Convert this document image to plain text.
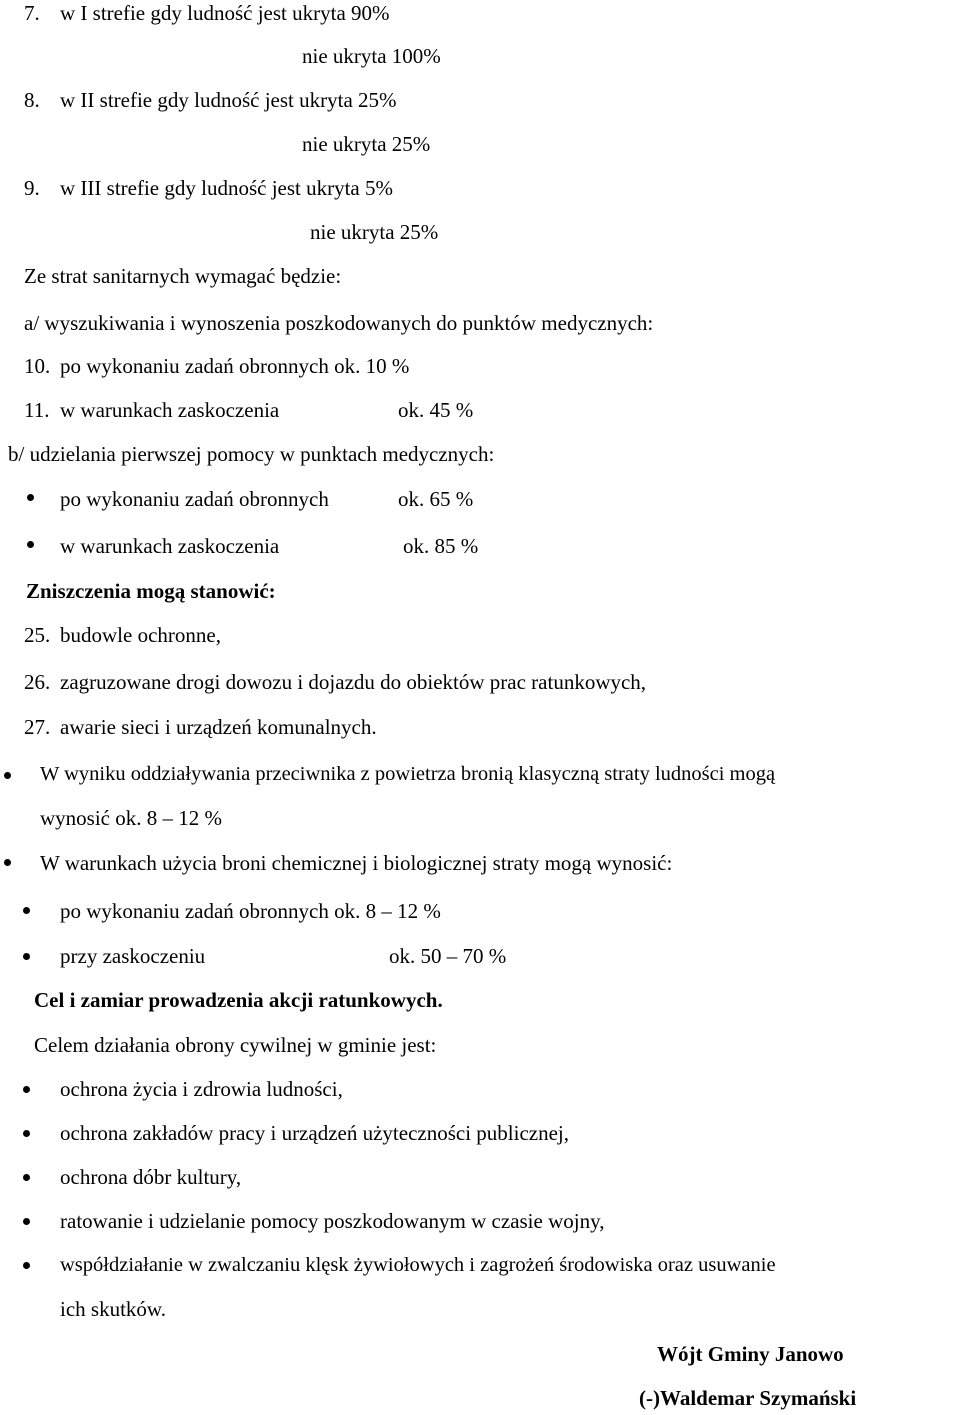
7. w I strefie gdy ludność jest ukryta 90%
nie ukryta 100%
8. w II strefie gdy ludność jest ukryta 25%
nie ukryta 25%
9. w III strefie gdy ludność jest ukryta 5%
nie ukryta 25%
Ze strat sanitarnych wymagać będzie:
a/ wyszukiwania i wynoszenia poszkodowanych do punktów medycznych:
10. po wykonaniu zadań obronnych ok. 10 %
11. w warunkach zaskoczenia	ok. 45 %
b/ udzielania pierwszej pomocy w punktach medycznych:
po wykonaniu zadań obronnych	ok. 65 %
w warunkach zaskoczenia	ok. 85 %
Zniszczenia mogą stanowić:
25. budowle ochronne,
26. zagruzowane drogi dowozu i dojazdu do obiektów prac ratunkowych,
27. awarie sieci i urządzeń komunalnych.
W wyniku oddziaływania przeciwnika z powietrza bronią klasyczną straty ludności mogą
wynosić ok. 8 – 12 %
W warunkach użycia broni chemicznej i biologicznej straty mogą wynosić:
po wykonaniu zadań obronnych ok. 8 – 12 %
przy zaskoczeniu	ok. 50 – 70 %
Cel i zamiar prowadzenia akcji ratunkowych.
Celem działania obrony cywilnej w gminie jest:
ochrona życia i zdrowia ludności,
ochrona zakładów pracy i urządzeń użyteczności publicznej,
ochrona dóbr kultury,
ratowanie i udzielanie pomocy poszkodowanym w czasie wojny,
współdziałanie w zwalczaniu klęsk żywiołowych i zagrożeń środowiska oraz usuwanie
ich skutków.
Wójt Gminy Janowo
(-)Waldemar Szymański
